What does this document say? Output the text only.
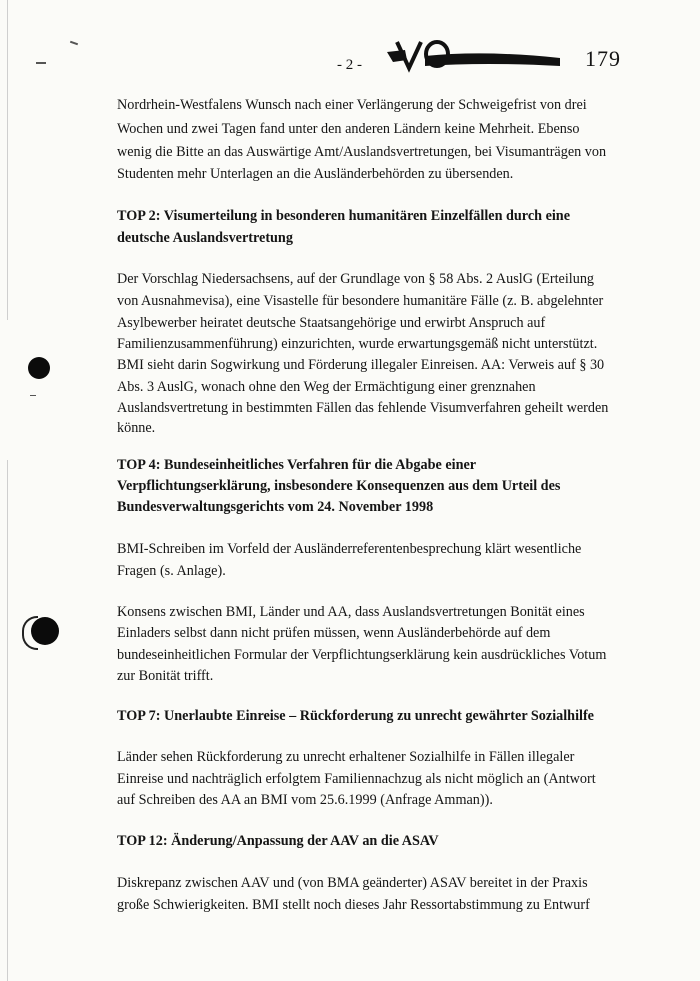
- 2 -	179
Nordrhein-Westfalens Wunsch nach einer Verlängerung der Schweigefrist von drei
Wochen und zwei Tagen fand unter den anderen Ländern keine Mehrheit. Ebenso
wenig die Bitte an das Auswärtige Amt/Auslandsvertretungen, bei Visumanträgen von
Studenten mehr Unterlagen an die Ausländerbehörden zu übersenden.
TOP 2: Visumerteilung in besonderen humanitären Einzelfällen durch eine
deutsche Auslandsvertretung
Der Vorschlag Niedersachsens, auf der Grundlage von § 58 Abs. 2 AuslG (Erteilung
von Ausnahmevisa), eine Visastelle für besondere humanitäre Fälle (z. B. abgelehnter
Asylbewerber heiratet deutsche Staatsangehörige und erwirbt Anspruch auf
Familienzusammenführung) einzurichten, wurde erwartungsgemäß nicht unterstützt.
BMI sieht darin Sogwirkung und Förderung illegaler Einreisen. AA: Verweis auf § 30
Abs. 3 AuslG, wonach ohne den Weg der Ermächtigung einer grenznahen
Auslandsvertretung in bestimmten Fällen das fehlende Visumverfahren geheilt werden
könne.
TOP 4: Bundeseinheitliches Verfahren für die Abgabe einer
Verpflichtungserklärung, insbesondere Konsequenzen aus dem Urteil des
Bundesverwaltungsgerichts vom 24. November 1998
BMI-Schreiben im Vorfeld der Ausländerreferentenbesprechung klärt wesentliche
Fragen (s. Anlage).
Konsens zwischen BMI, Länder und AA, dass Auslandsvertretungen Bonität eines
Einladers selbst dann nicht prüfen müssen, wenn Ausländerbehörde auf dem
bundeseinheitlichen Formular der Verpflichtungserklärung kein ausdrückliches Votum
zur Bonität trifft.
TOP 7: Unerlaubte Einreise – Rückforderung zu unrecht gewährter Sozialhilfe
Länder sehen Rückforderung zu unrecht erhaltener Sozialhilfe in Fällen illegaler
Einreise und nachträglich erfolgtem Familiennachzug als nicht möglich an (Antwort
auf Schreiben des AA an BMI vom 25.6.1999 (Anfrage Amman)).
TOP 12: Änderung/Anpassung der AAV an die ASAV
Diskrepanz zwischen AAV und (von BMA geänderter) ASAV bereitet in der Praxis
große Schwierigkeiten. BMI stellt noch dieses Jahr Ressortabstimmung zu Entwurf
